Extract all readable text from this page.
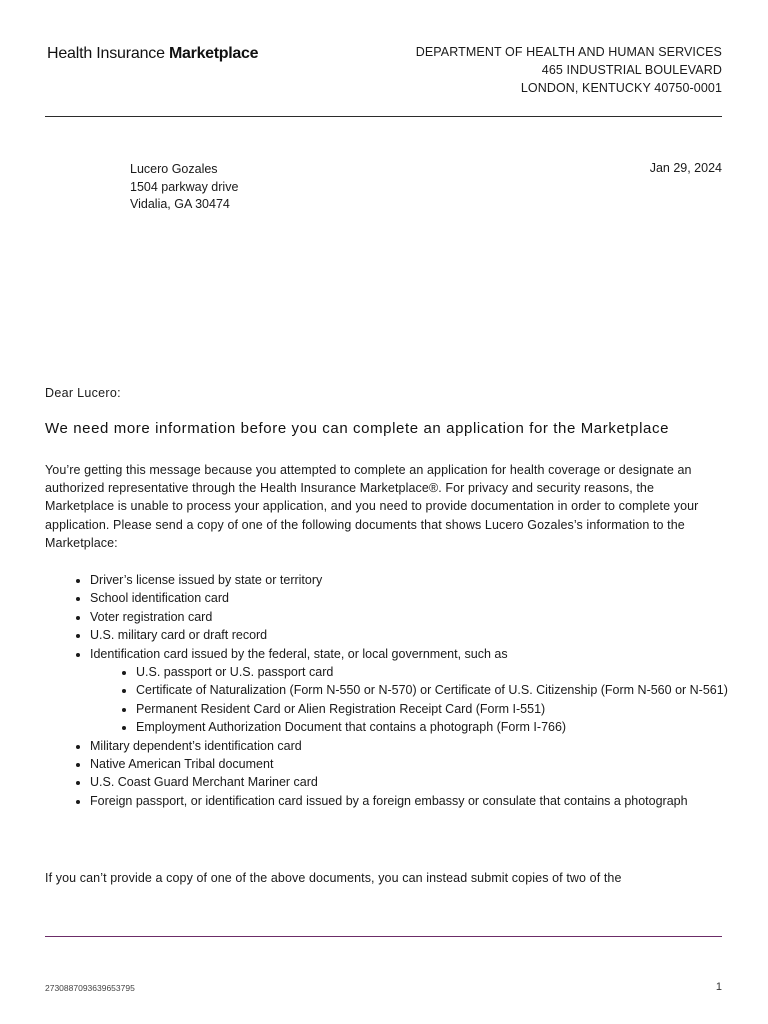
Health Insurance Marketplace	DEPARTMENT OF HEALTH AND HUMAN SERVICES
465 INDUSTRIAL BOULEVARD
LONDON, KENTUCKY 40750-0001
Lucero Gozales
1504 parkway drive
Vidalia, GA 30474
Jan 29, 2024
Dear Lucero:
We need more information before you can complete an application for the Marketplace

You’re getting this message because you attempted to complete an application for health coverage or designate an authorized representative through the Health Insurance Marketplace®. For privacy and security reasons, the Marketplace is unable to process your application, and you need to provide documentation in order to complete your application. Please send a copy of one of the following documents that shows Lucero Gozales’s information to the Marketplace:

• Driver’s license issued by state or territory
• School identification card
• Voter registration card
• U.S. military card or draft record
• Identification card issued by the federal, state, or local government, such as
• U.S. passport or U.S. passport card
• Certificate of Naturalization (Form N-550 or N-570) or Certificate of U.S. Citizenship (Form N-560 or N-561)
• Permanent Resident Card or Alien Registration Receipt Card (Form I-551)
• Employment Authorization Document that contains a photograph (Form I-766)
• Military dependent’s identification card
• Native American Tribal document
• U.S. Coast Guard Merchant Mariner card
• Foreign passport, or identification card issued by a foreign embassy or consulate that contains a photograph
If you can’t provide a copy of one of the above documents, you can instead submit copies of two of the
2730887093639653795	1
